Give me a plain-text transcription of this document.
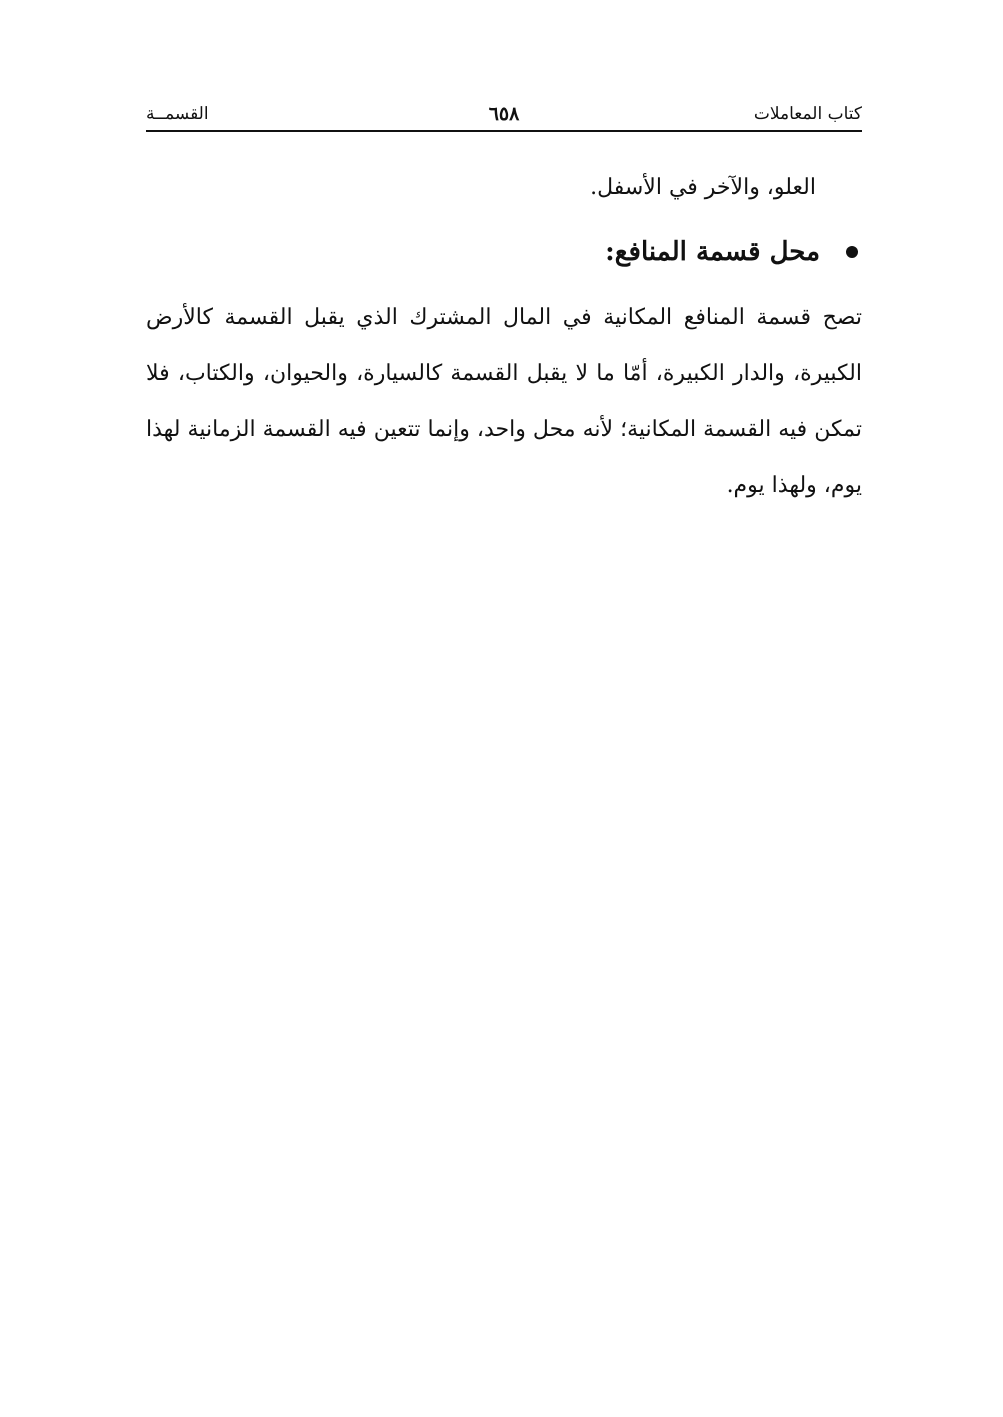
كتاب المعاملات
٦٥٨
القسمــة

العلو، والآخر في الأسفل.

محل قسمة المنافع:

تصح قسمة المنافع المكانية في المال المشترك الذي يقبل القسمة كالأرض الكبيرة، والدار الكبيرة، أمّا ما لا يقبل القسمة كالسيارة، والحيوان، والكتاب، فلا تمكن فيه القسمة المكانية؛ لأنه محل واحد، وإنما تتعين فيه القسمة الزمانية لهذا يوم، ولهذا يوم.
